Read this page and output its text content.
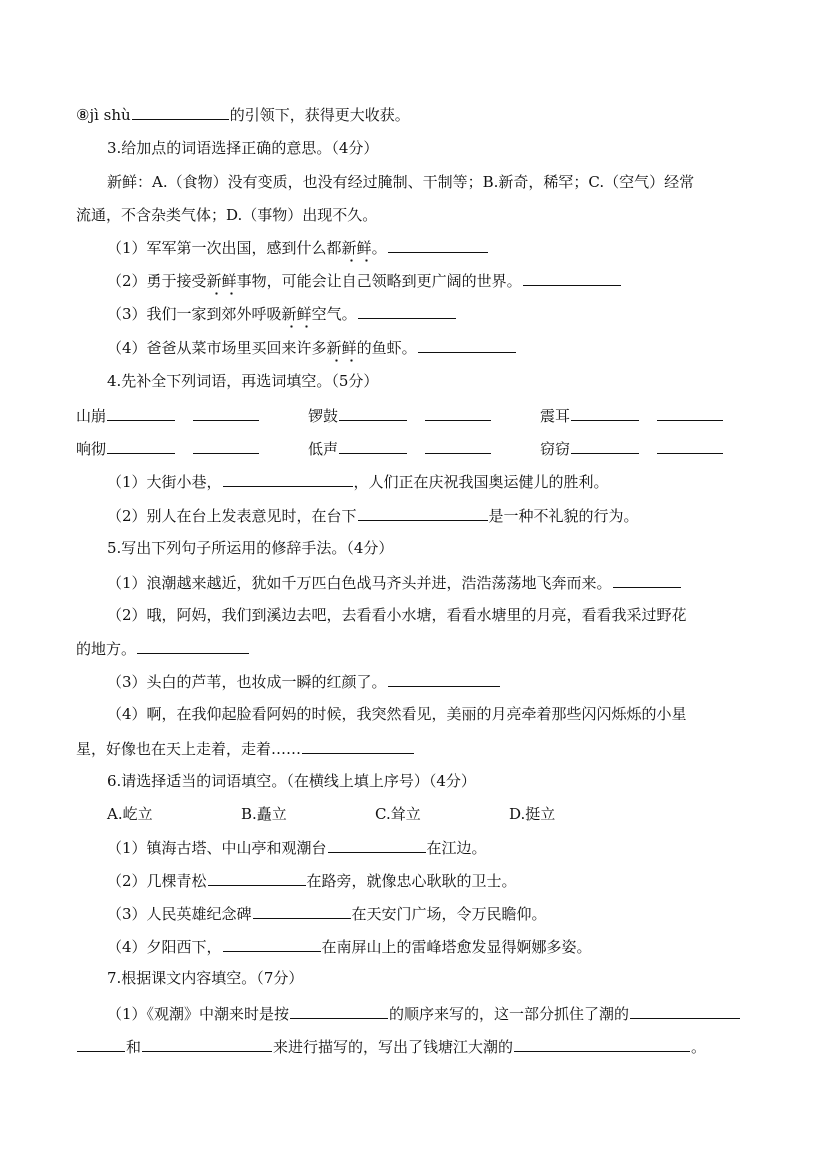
⑧jì shù	的引领下，获得更大收获。
3.给加点的词语选择正确的意思。（4分）
新鲜：A.（食物）没有变质，也没有经过腌制、干制等；B.新奇，稀罕；C.（空气）经常
流通，不含杂类气体；D.（事物）出现不久。
（1）军军第一次出国，感到什么都新鲜。
（2）勇于接受新鲜事物，可能会让自己领略到更广阔的世界。
（3）我们一家到郊外呼吸新鲜空气。
（4）爸爸从菜市场里买回来许多新鲜的鱼虾。
4.先补全下列词语，再选词填空。（5分）
山崩	锣鼓	震耳
响彻	低声	窃窃
（1）大街小巷，	，人们正在庆祝我国奥运健儿的胜利。
（2）别人在台上发表意见时，在台下	是一种不礼貌的行为。
5.写出下列句子所运用的修辞手法。（4分）
（1）浪潮越来越近，犹如千万匹白色战马齐头并进，浩浩荡荡地飞奔而来。
（2）哦，阿妈，我们到溪边去吧，去看看小水塘，看看水塘里的月亮，看看我采过野花
的地方。
（3）头白的芦苇，也妆成一瞬的红颜了。
（4）啊，在我仰起脸看阿妈的时候，我突然看见，美丽的月亮牵着那些闪闪烁烁的小星
星，好像也在天上走着，走着……
6.请选择适当的词语填空。（在横线上填上序号）（4分）
A.屹立	B.矗立	C.耸立	D.挺立
（1）镇海古塔、中山亭和观潮台	在江边。
（2）几棵青松	在路旁，就像忠心耿耿的卫士。
（3）人民英雄纪念碑	在天安门广场，令万民瞻仰。
（4）夕阳西下，	在南屏山上的雷峰塔愈发显得婀娜多姿。
7.根据课文内容填空。（7分）
（1）《观潮》中潮来时是按	的顺序来写的，这一部分抓住了潮的
和	来进行描写的，写出了钱塘江大潮的	。
